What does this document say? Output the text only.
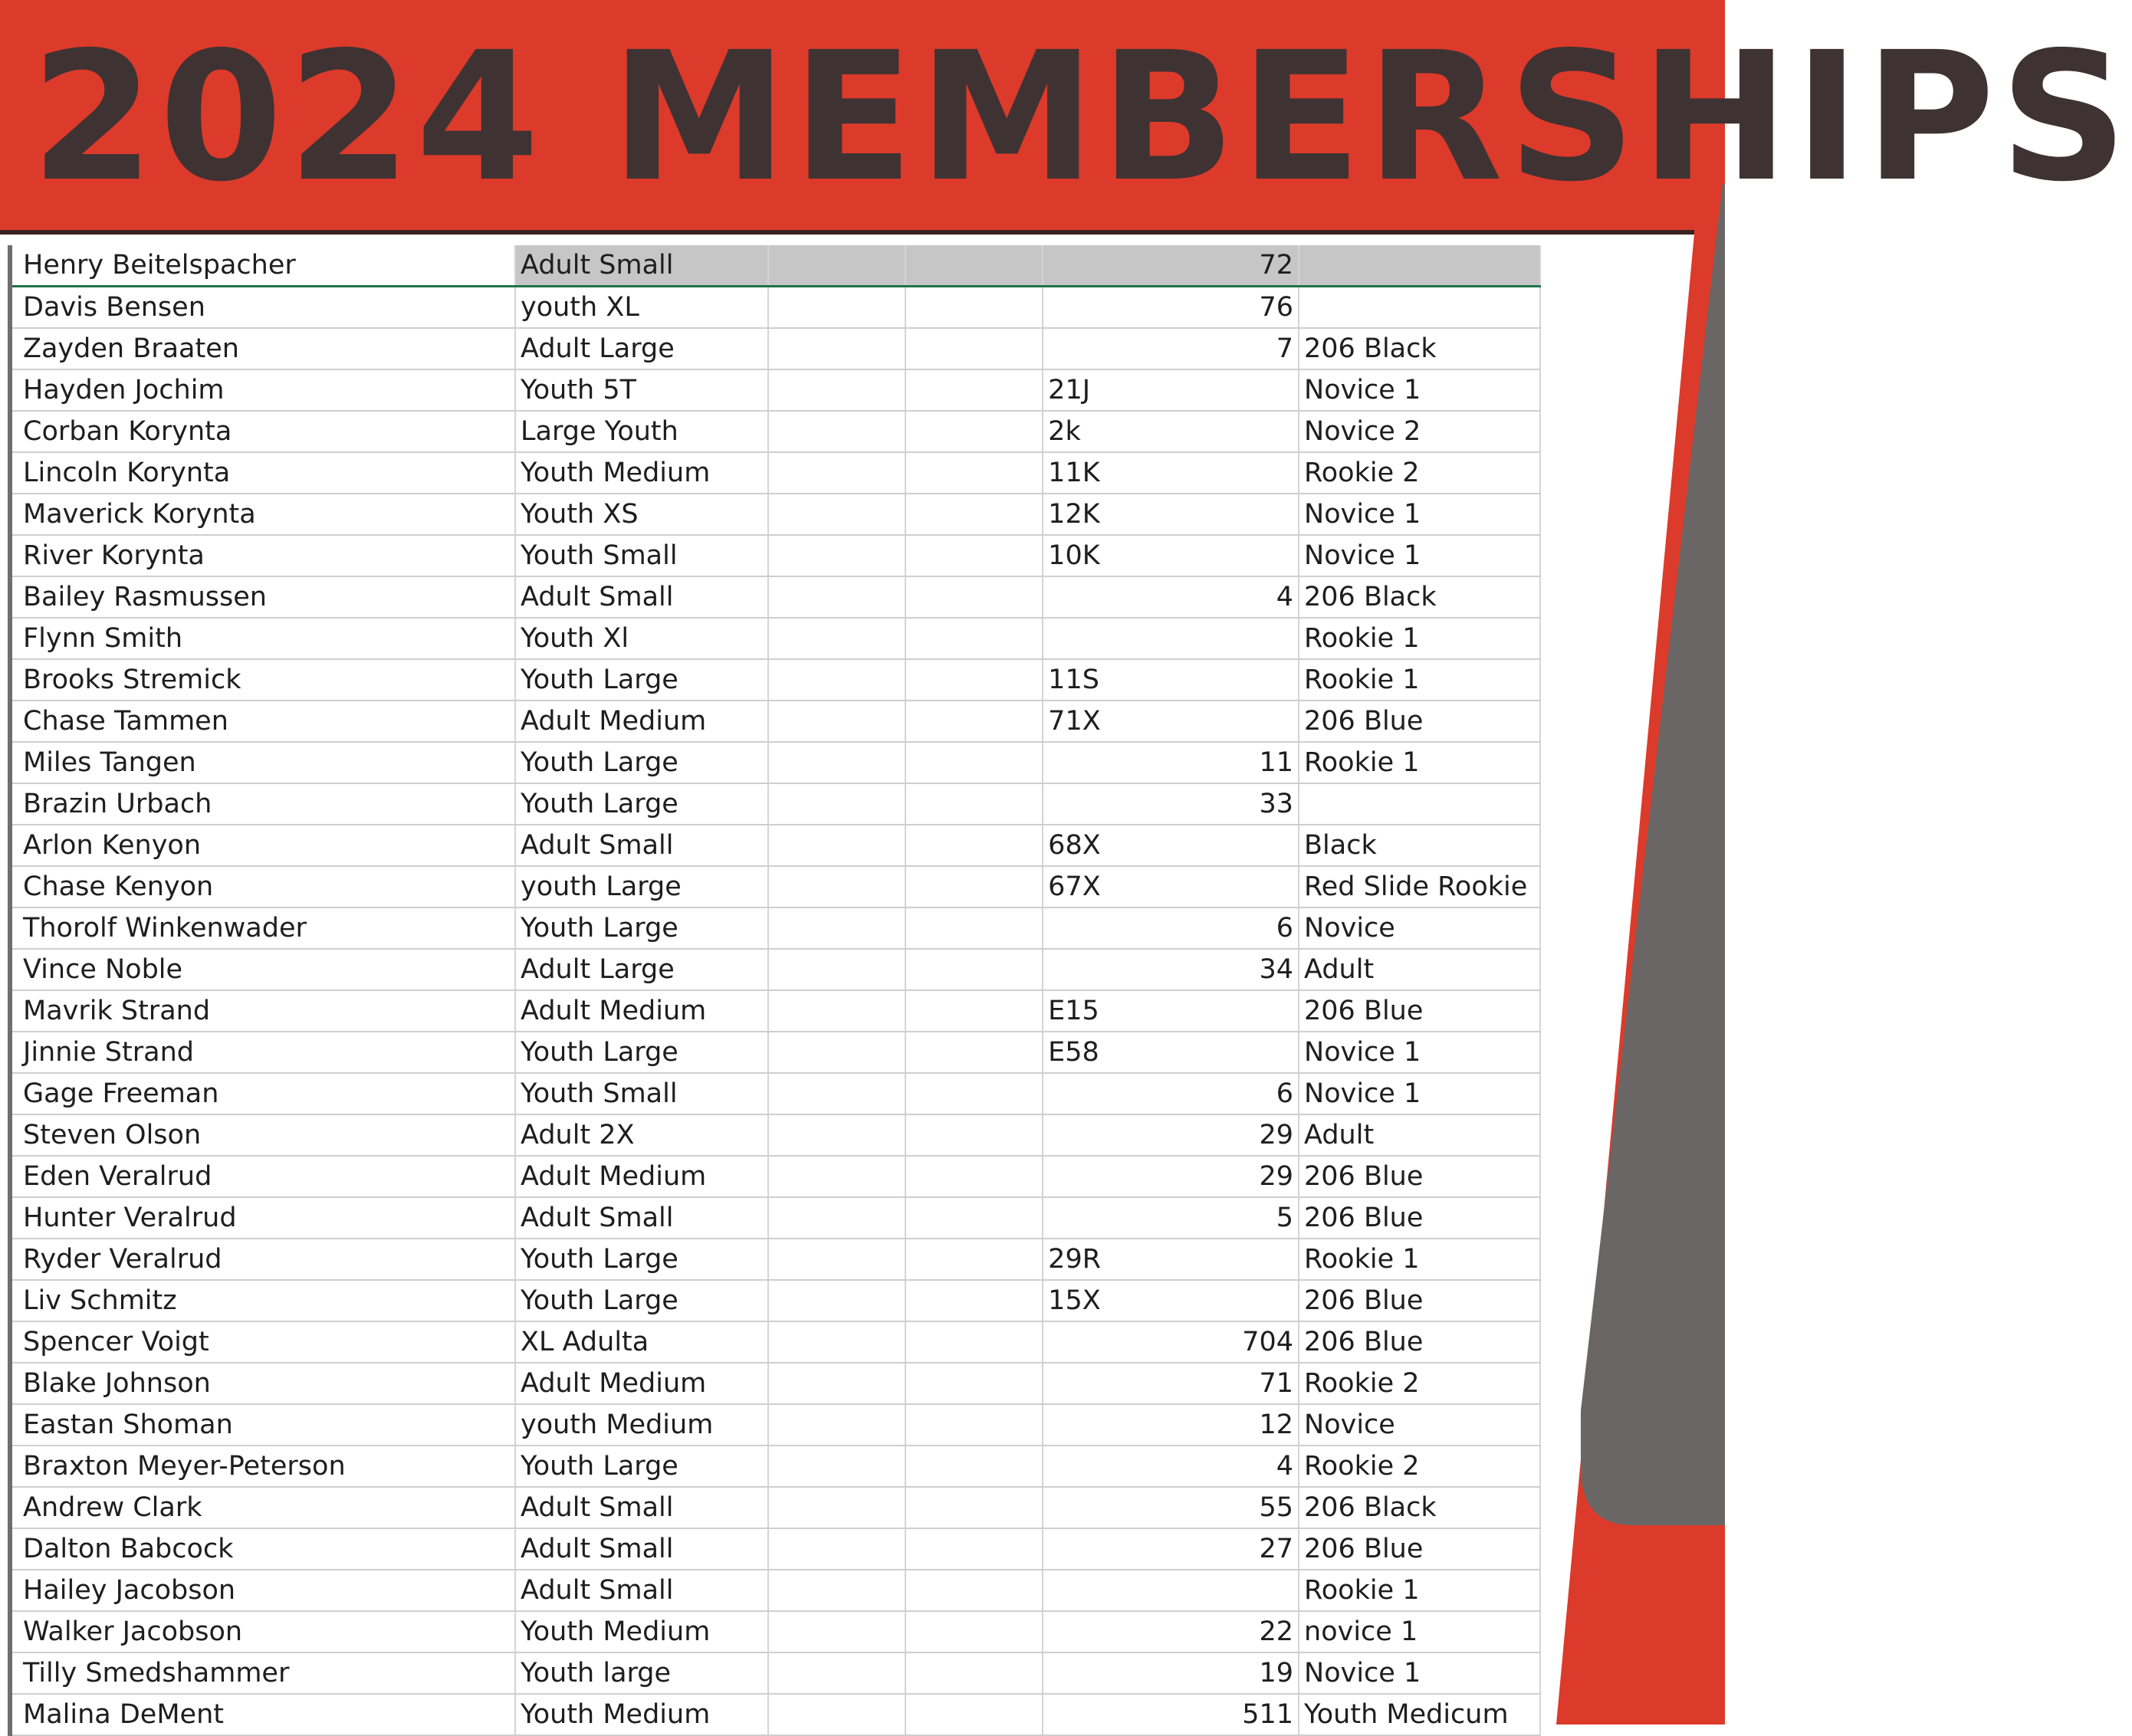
2024 MEMBERSHIPS
Henry Beitelspacher	Adult Small			72	
Davis Bensen	youth XL			76	
Zayden Braaten	Adult Large			7	206 Black
Hayden Jochim	Youth 5T			21J	Novice 1
Corban Korynta	Large Youth			2k	Novice 2
Lincoln Korynta	Youth Medium			11K	Rookie 2
Maverick Korynta	Youth XS			12K	Novice 1
River Korynta	Youth Small			10K	Novice 1
Bailey Rasmussen	Adult Small			4	206 Black
Flynn Smith	Youth Xl				Rookie 1
Brooks Stremick	Youth Large			11S	Rookie 1
Chase Tammen	Adult Medium			71X	206 Blue
Miles Tangen	Youth Large			11	Rookie 1
Brazin Urbach	Youth Large			33	
Arlon Kenyon	Adult Small			68X	Black
Chase Kenyon	youth Large			67X	Red Slide Rookie
Thorolf Winkenwader	Youth Large			6	Novice
Vince Noble	Adult Large			34	Adult
Mavrik Strand	Adult Medium			E15	206 Blue
Jinnie Strand	Youth Large			E58	Novice 1
Gage Freeman	Youth Small			6	Novice 1
Steven Olson	Adult 2X			29	Adult
Eden Veralrud	Adult Medium			29	206 Blue
Hunter Veralrud	Adult Small			5	206 Blue
Ryder Veralrud	Youth Large			29R	Rookie 1
Liv Schmitz	Youth Large			15X	206 Blue
Spencer Voigt	XL Adulta			704	206 Blue
Blake Johnson	Adult Medium			71	Rookie 2
Eastan Shoman	youth Medium			12	Novice
Braxton Meyer-Peterson	Youth Large			4	Rookie 2
Andrew Clark	Adult Small			55	206 Black
Dalton Babcock	Adult Small			27	206 Blue
Hailey Jacobson	Adult Small				Rookie 1
Walker Jacobson	Youth Medium			22	novice 1
Tilly Smedshammer	Youth large			19	Novice 1
Malina DeMent	Youth Medium			511	Youth Medicum
